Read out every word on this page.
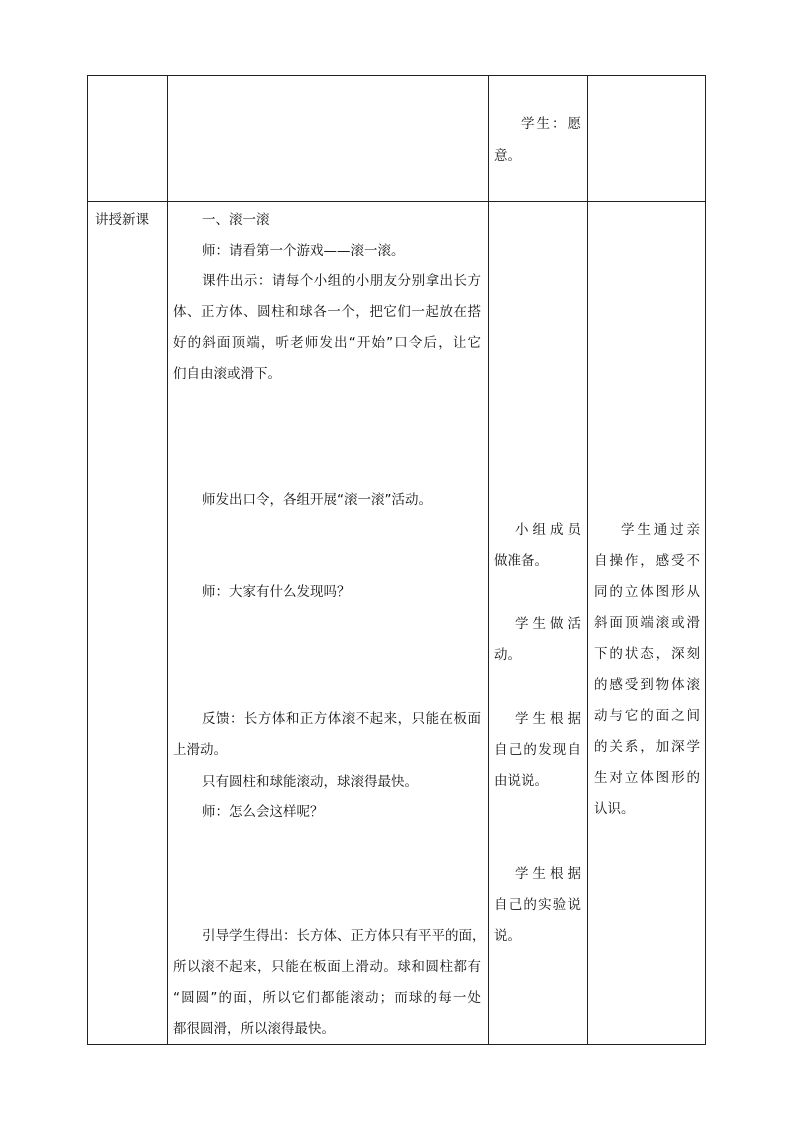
学生：愿
意。
讲授新课	一、滚一滚
师：请看第一个游戏——滚一滚。
课件出示：请每个小组的小朋友分别拿出长方
体、正方体、圆柱和球各一个，把它们一起放在搭
好的斜面顶端，听老师发出“开始”口令后，让它
们自由滚或滑下。
师发出口令，各组开展“滚一滚”活动。
师：大家有什么发现吗？
反馈：长方体和正方体滚不起来，只能在板面
上滑动。
只有圆柱和球能滚动，球滚得最快。
师：怎么会这样呢？
引导学生得出：长方体、正方体只有平平的面，
所以滚不起来，只能在板面上滑动。球和圆柱都有
“圆圆”的面，所以它们都能滚动；而球的每一处
都很圆滑，所以滚得最快。
小组成员
做准备。
学生做活
动。
学生根据
自己的发现自
由说说。
学生根据
自己的实验说
说。
学生通过亲
自操作，感受不
同的立体图形从
斜面顶端滚或滑
下的状态，深刻
的感受到物体滚
动与它的面之间
的关系，加深学
生对立体图形的
认识。
